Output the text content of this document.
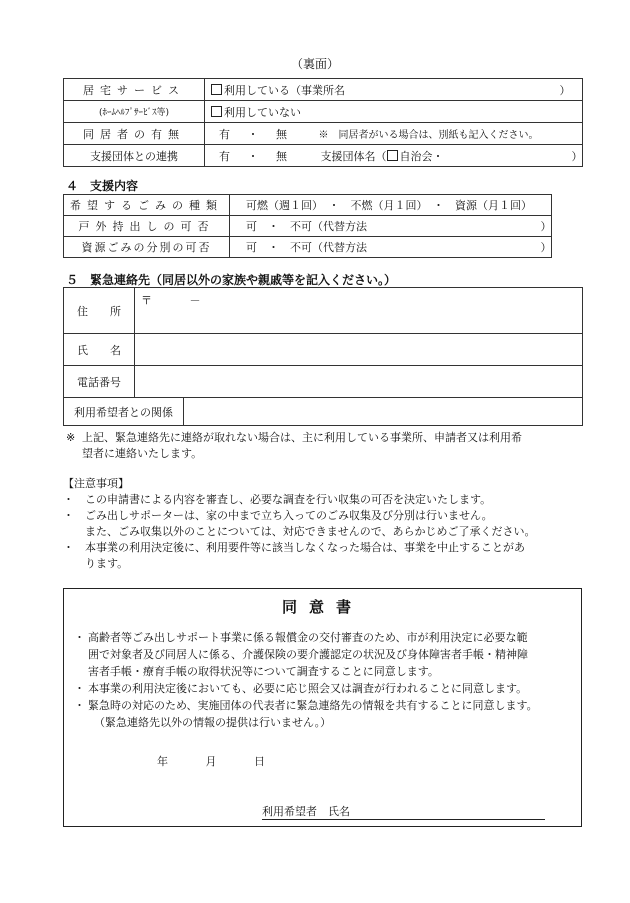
（裏面）
居宅サービス	利用している（事業所名 ）

(ﾎｰﾑﾍﾙﾌﾟｻｰﾋﾞｽ等)	利用していない
同居者の有無	有 ・ 無 ※　同居者がいる場合は、別紙も記入ください。
支援団体との連携	有 ・ 無 支援団体名（ 自治会・ ）
４　支援内容
希望するごみの種類	可燃（週１回）　・　不燃（月１回）　・　資源（月１回）
戸外持出しの可否	可　・　不可（代替方法 ）

資源ごみの分別の可否	可　・　不可（代替方法 ）
５　緊急連絡先（同居以外の家族や親戚等を記入ください。）
住　　所	〒 －	
氏　　名		
電話番号		
利用希望者との関係		
※ 上記、緊急連絡先に連絡が取れない場合は、主に利用している事業所、申請者又は利用希
望者に連絡いたします。
【注意事項】
・	この申請書による内容を審査し、必要な調査を行い収集の可否を決定いたします。
・	ごみ出しサポーターは、家の中まで立ち入ってのごみ収集及び分別は行いません。
また、ごみ収集以外のことについては、対応できませんので、あらかじめご了承ください。
・	本事業の利用決定後に、利用要件等に該当しなくなった場合は、事業を中止することがあ
ります。
同意書
・ 高齢者等ごみ出しサポート事業に係る報償金の交付審査のため、市が利用決定に必要な範
囲で対象者及び同居人に係る、介護保険の要介護認定の状況及び身体障害者手帳・精神障
害者手帳・療育手帳の取得状況等について調査することに同意します。
・ 本事業の利用決定後においても、必要に応じ照会又は調査が行われることに同意します。
・ 緊急時の対応のため、実施団体の代表者に緊急連絡先の情報を共有することに同意します。
（緊急連絡先以外の情報の提供は行いません。）
年	月	日
利用希望者　氏名
